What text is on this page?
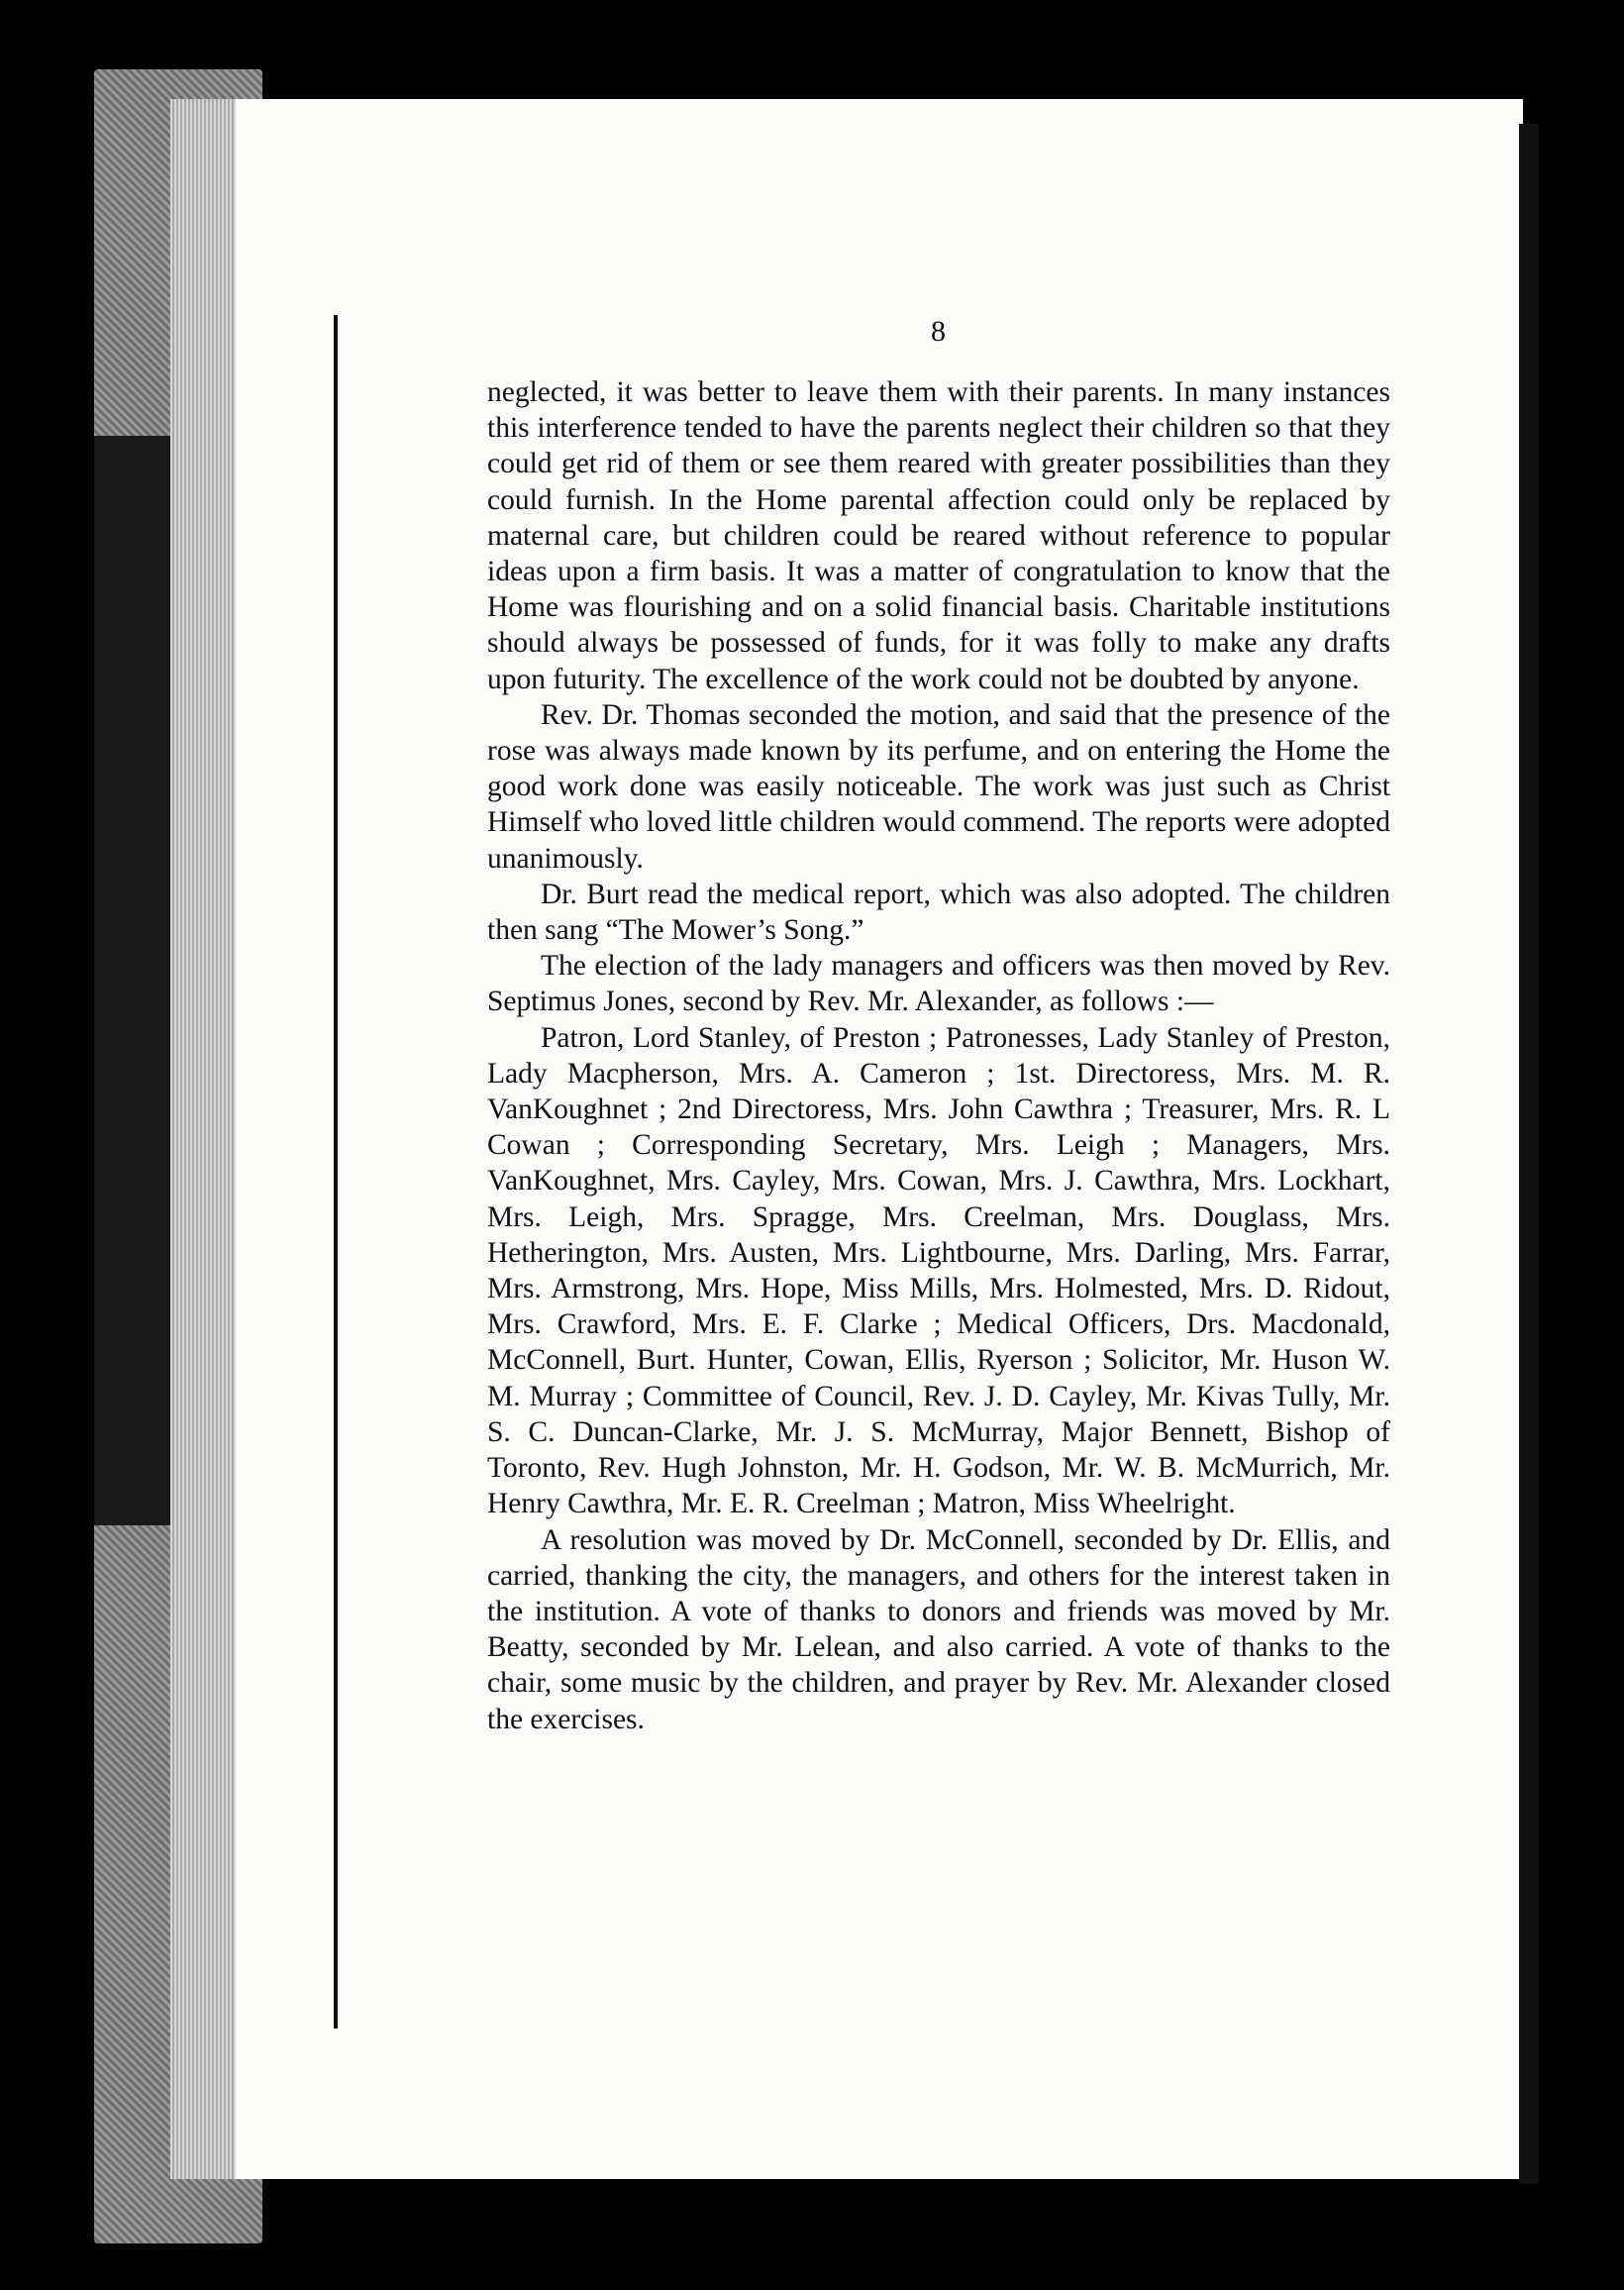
8

neglected, it was better to leave them with their parents. In many instances this interference tended to have the parents neglect their children so that they could get rid of them or see them reared with greater possibilities than they could furnish. In the Home parental affection could only be replaced by maternal care, but children could be reared without reference to popular ideas upon a firm basis. It was a matter of congratulation to know that the Home was flourishing and on a solid financial basis. Charitable institutions should always be possessed of funds, for it was folly to make any drafts upon futurity. The excellence of the work could not be doubted by anyone.

Rev. Dr. Thomas seconded the motion, and said that the presence of the rose was always made known by its perfume, and on entering the Home the good work done was easily noticeable. The work was just such as Christ Himself who loved little children would commend. The reports were adopted unanimously.

Dr. Burt read the medical report, which was also adopted. The children then sang “The Mower’s Song.”

The election of the lady managers and officers was then moved by Rev. Septimus Jones, second by Rev. Mr. Alexander, as follows :—

Patron, Lord Stanley, of Preston ; Patronesses, Lady Stanley of Preston, Lady Macpherson, Mrs. A. Cameron ; 1st. Directoress, Mrs. M. R. VanKoughnet ; 2nd Directoress, Mrs. John Cawthra ; Treasurer, Mrs. R. L Cowan ; Corresponding Secretary, Mrs. Leigh ; Managers, Mrs. VanKoughnet, Mrs. Cayley, Mrs. Cowan, Mrs. J. Cawthra, Mrs. Lockhart, Mrs. Leigh, Mrs. Spragge, Mrs. Creelman, Mrs. Douglass, Mrs. Hetherington, Mrs. Austen, Mrs. Lightbourne, Mrs. Darling, Mrs. Farrar, Mrs. Armstrong, Mrs. Hope, Miss Mills, Mrs. Holmested, Mrs. D. Ridout, Mrs. Crawford, Mrs. E. F. Clarke ; Medical Officers, Drs. Macdonald, McConnell, Burt. Hunter, Cowan, Ellis, Ryerson ; Solicitor, Mr. Huson W. M. Murray ; Committee of Council, Rev. J. D. Cayley, Mr. Kivas Tully, Mr. S. C. Duncan-Clarke, Mr. J. S. McMurray, Major Bennett, Bishop of Toronto, Rev. Hugh Johnston, Mr. H. Godson, Mr. W. B. McMurrich, Mr. Henry Cawthra, Mr. E. R. Creelman ; Matron, Miss Wheelright.

A resolution was moved by Dr. McConnell, seconded by Dr. Ellis, and carried, thanking the city, the managers, and others for the interest taken in the institution. A vote of thanks to donors and friends was moved by Mr. Beatty, seconded by Mr. Lelean, and also carried. A vote of thanks to the chair, some music by the children, and prayer by Rev. Mr. Alexander closed the exercises.
